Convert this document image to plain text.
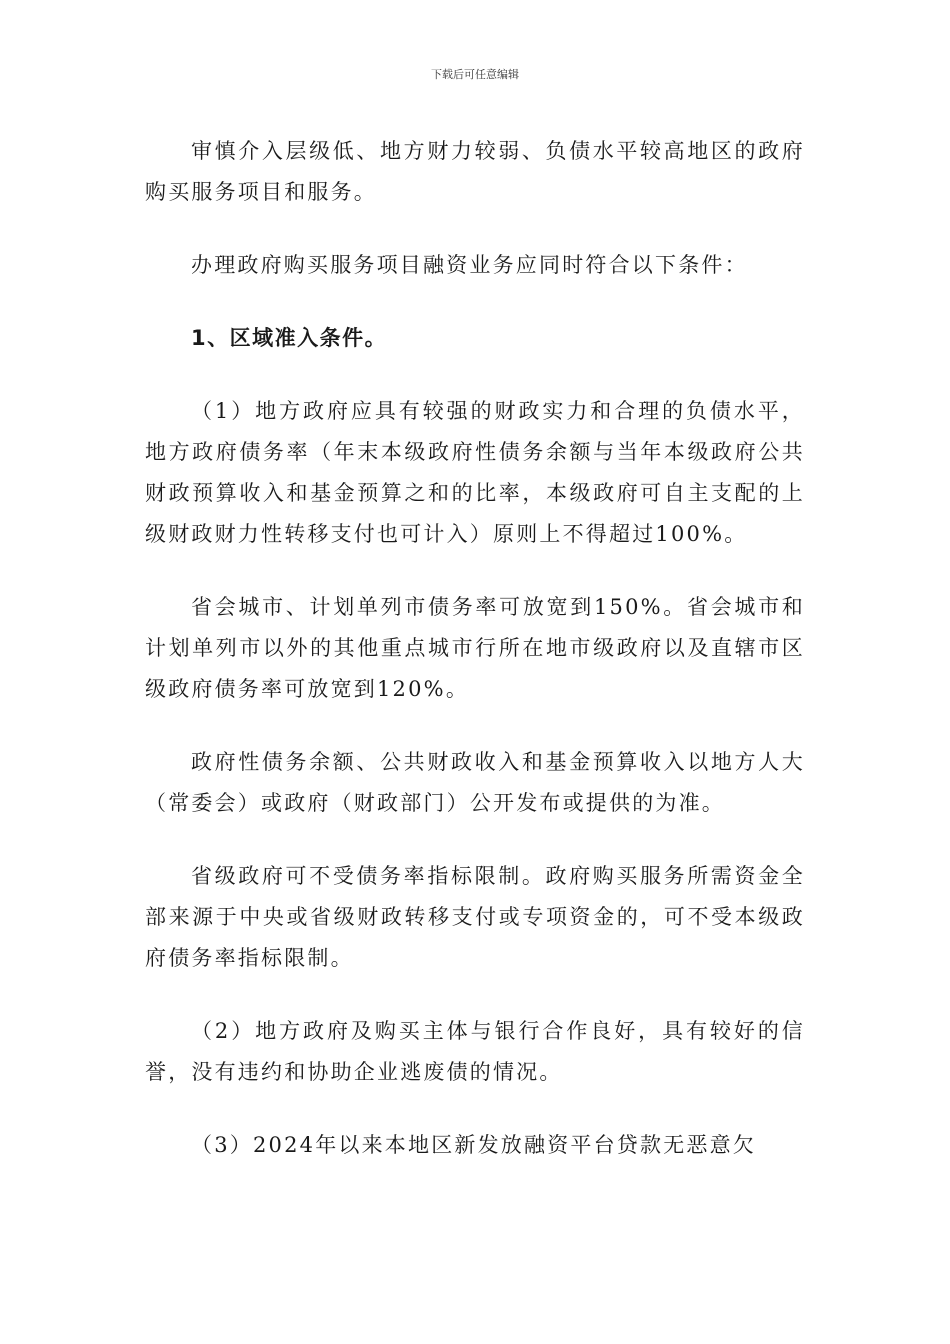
下载后可任意编辑

审慎介入层级低、地方财力较弱、负债水平较高地区的政府购买服务项目和服务。

办理政府购买服务项目融资业务应同时符合以下条件：

1、区域准入条件。

（1）地方政府应具有较强的财政实力和合理的负债水平，地方政府债务率（年末本级政府性债务余额与当年本级政府公共财政预算收入和基金预算之和的比率，本级政府可自主支配的上级财政财力性转移支付也可计入）原则上不得超过100%。

省会城市、计划单列市债务率可放宽到150%。省会城市和计划单列市以外的其他重点城市行所在地市级政府以及直辖市区级政府债务率可放宽到120%。

政府性债务余额、公共财政收入和基金预算收入以地方人大（常委会）或政府（财政部门）公开发布或提供的为准。

省级政府可不受债务率指标限制。政府购买服务所需资金全部来源于中央或省级财政转移支付或专项资金的，可不受本级政府债务率指标限制。

（2）地方政府及购买主体与银行合作良好，具有较好的信誉，没有违约和协助企业逃废债的情况。

（3）2024年以来本地区新发放融资平台贷款无恶意欠
